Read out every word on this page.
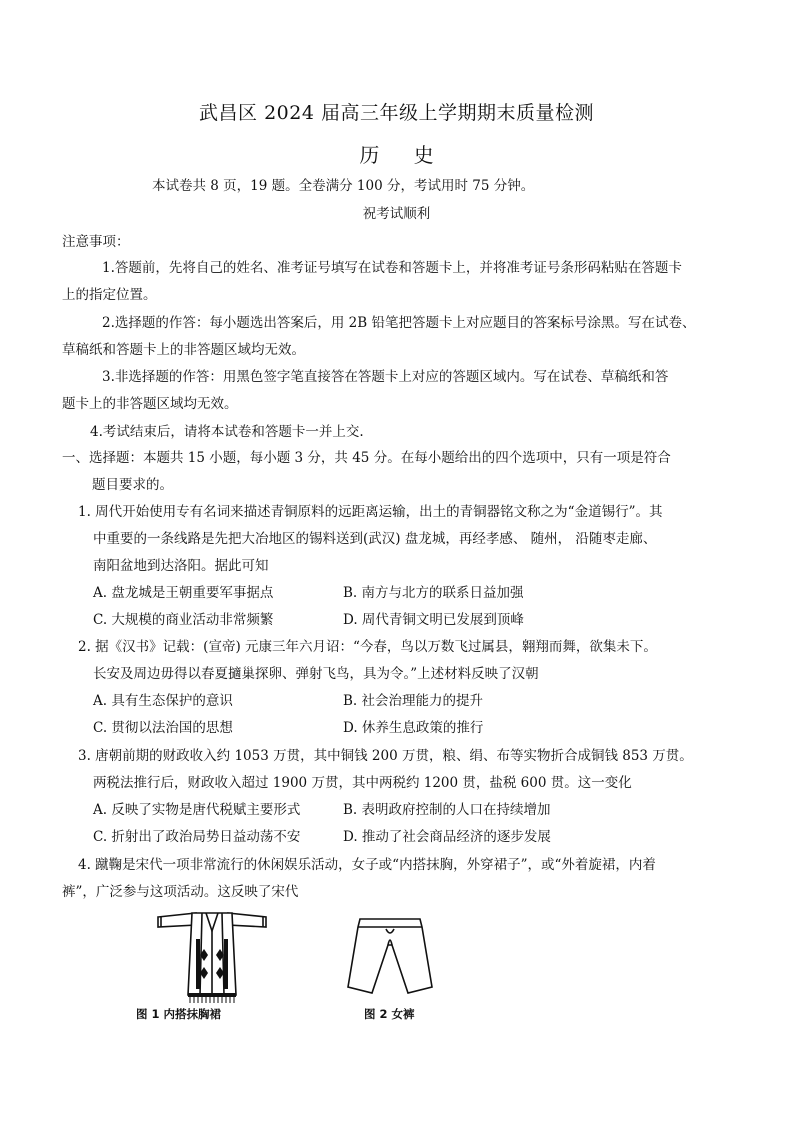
武昌区 2024 届高三年级上学期期末质量检测
历 史
本试卷共 8 页，19 题。全卷满分 100 分，考试用时 75 分钟。
祝考试顺利
注意事项：
1.答题前，先将自己的姓名、准考证号填写在试卷和答题卡上，并将准考证号条形码粘贴在答题卡
上的指定位置。
2.选择题的作答：每小题选出答案后，用 2B 铅笔把答题卡上对应题目的答案标号涂黑。写在试卷、
草稿纸和答题卡上的非答题区域均无效。
3.非选择题的作答：用黑色签字笔直接答在答题卡上对应的答题区域内。写在试卷、草稿纸和答
题卡上的非答题区域均无效。
4.考试结束后，请将本试卷和答题卡一并上交.
一、选择题：本题共 15 小题，每小题 3 分，共 45 分。在每小题给出的四个选项中，只有一项是符合
题目要求的。
1. 周代开始使用专有名词来描述青铜原料的远距离运输，出土的青铜器铭文称之为“金道锡行”。其
中重要的一条线路是先把大冶地区的锡料送到(武汉) 盘龙城，再经孝感、 随州， 沿随枣走廊、
南阳盆地到达洛阳。据此可知
A. 盘龙城是王朝重要军事据点	B. 南方与北方的联系日益加强
C. 大规模的商业活动非常频繁	D. 周代青铜文明已发展到顶峰
2. 据《汉书》记载：(宣帝) 元康三年六月诏：“今春，鸟以万数飞过属县，翱翔而舞，欲集未下。
长安及周边毋得以春夏擿巢探卵、弹射飞鸟，具为令。”上述材料反映了汉朝
A. 具有生态保护的意识	B. 社会治理能力的提升
C. 贯彻以法治国的思想	D. 休养生息政策的推行
3. 唐朝前期的财政收入约 1053 万贯，其中铜钱 200 万贯，粮、绢、布等实物折合成铜钱 853 万贯。
两税法推行后，财政收入超过 1900 万贯，其中两税约 1200 贯，盐税 600 贯。这一变化
A. 反映了实物是唐代税赋主要形式	B. 表明政府控制的人口在持续增加
C. 折射出了政治局势日益动荡不安	D. 推动了社会商品经济的逐步发展
4. 蹴鞠是宋代一项非常流行的休闲娱乐活动，女子或“内搭抹胸，外穿裙子”，或“外着旋裙，内着
裤”，广泛参与这项活动。这反映了宋代
图 1 内搭抹胸裙	图 2 女裤
